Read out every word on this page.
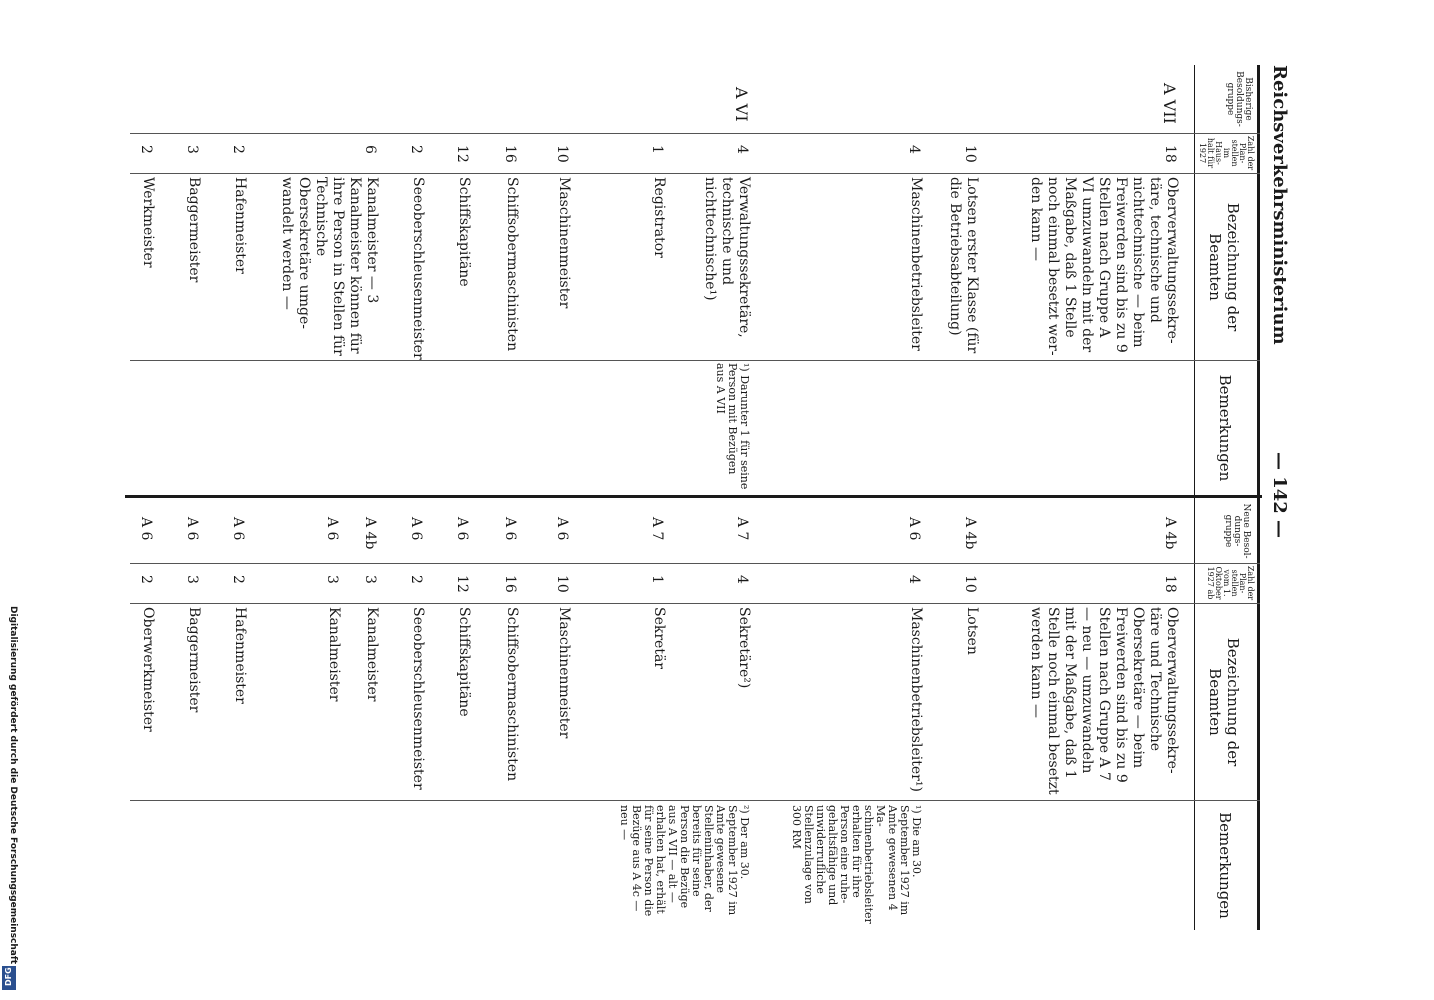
Reichsverkehrsministerium
— 142 —
Bisherige Besoldungsgruppe
Zahl der Planstellen im Haushalt für 1927
Bezeichnung der Beamten
Bemerkungen
Neue Besoldungsgruppe
Zahl der Planstellen vom 1. Oktober 1927 ab
Bezeichnung der Beamten
Bemerkungen
A VII
A VI
18
Oberverwaltungssekretäre, technische und nichttechnische — beim Freiwerden sind bis zu 9 Stellen nach Gruppe A VI umzuwandeln mit der Maßgabe, daß 1 Stelle noch einmal besetzt werden kann —
A 4b
18
Oberverwaltungssekretäre und Technische Obersekretäre — beim Freiwerden sind bis zu 9 Stellen nach Gruppe A 7 — neu — umzuwandeln mit der Maßgabe, daß 1 Stelle noch einmal besetzt werden kann —
10
Lotsen erster Klasse (für die Betriebsabteilung)
A 4b
10
Lotsen
4
Maschinenbetriebsleiter
A 6
4
Maschinenbetriebsleiter¹)
¹) Die am 30. September 1927 im Amte gewesenen 4 Maschinenbetriebsleiter erhalten für ihre Person eine ruhegehaltsfähige und unwiderrufliche Stellenzulage von 300 RM
4
Verwaltungssekretäre, technische und nichttechnische¹)
¹) Darunter 1 für seine Person mit Bezügen aus A VII
A 7
4
Sekretäre²)
²) Der am 30. September 1927 im Amte gewesene Stelleninhaber, der bereits für seine Person die Bezüge aus A VII — alt — erhalten hat, erhält für seine Person die Bezüge aus A 4c — neu —
1
Registrator
A 7
1
Sekretär
10
Maschinenmeister
A 6
10
Maschinenmeister
16
Schiffsobermaschinisten
A 6
16
Schiffsobermaschinisten
12
Schiffskapitäne
A 6
12
Schiffskapitäne
2
Seeoberschleusenmeister
A 6
2
Seeoberschleusenmeister
6
Kanalmeister — 3 Kanalmeister können für ihre Person in Stellen für Technische Obersekretäre umgewandelt werden —
A 4b
3
Kanalmeister
A 6
3
Kanalmeister
2
Hafenmeister
A 6
2
Hafenmeister
3
Baggermeister
A 6
3
Baggermeister
2
Werkmeister
A 6
2
Oberwerkmeister
Digitalisierung gefördert durch die Deutsche Forschungsgemeinschaft
DFG
